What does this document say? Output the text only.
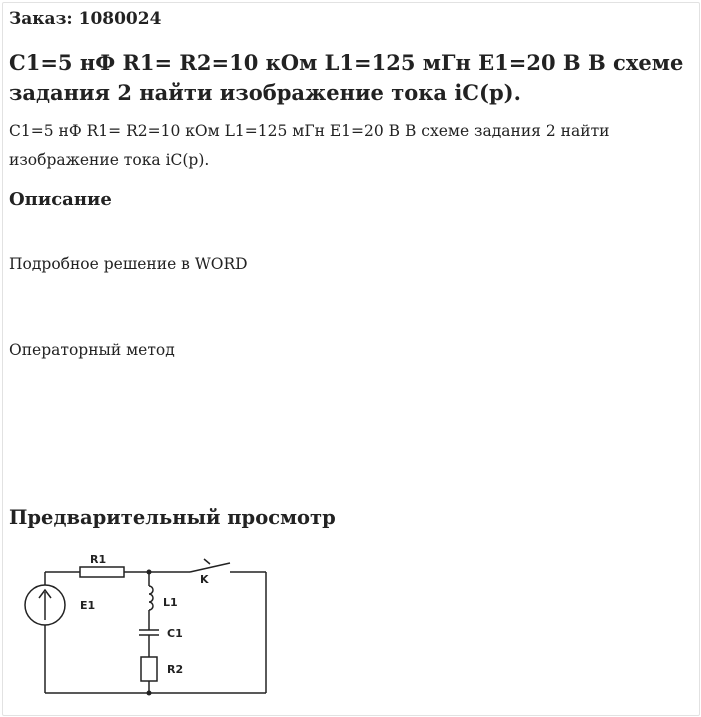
Заказ: 1080024
C1=5 нФ R1= R2=10 кОм L1=125 мГн E1=20 В В схеме задания 2 найти изображение тока iC(p).

C1=5 нФ R1= R2=10 кОм L1=125 мГн E1=20 В В схеме задания 2 найти изображение тока iC(p).

Описание

Подробное решение в WORD

Операторный метод

Предварительный просмотр
R1
K
E1	L1
C1
R2
